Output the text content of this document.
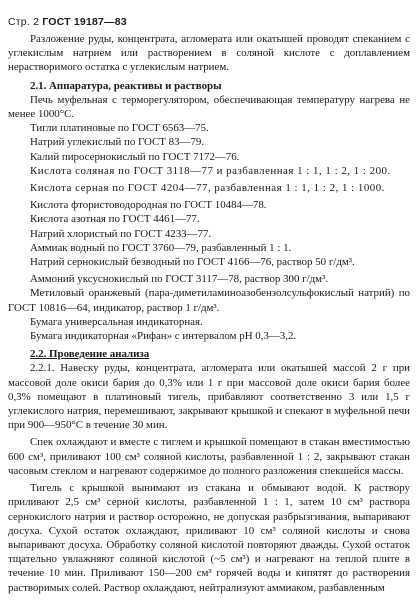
Стр. 2 ГОСТ 19187—83

Разложение руды, концентрата, агломерата или окатышей проводят спеканием с углекислым натрием или растворением в соляной кислоте с доплавлением нерастворимого остатка с углекислым натрием.

2.1. Аппаратура, реактивы и растворы

Печь муфельная с терморегулятором, обеспечивающая температуру нагрева не менее 1000°С.

Тигли платиновые по ГОСТ 6563—75.

Натрий углекислый по ГОСТ 83—79.

Калий пиросернокислый по ГОСТ 7172—76.

Кислота соляная по ГОСТ 3118—77 и разбавленная 1 : 1, 1 : 2, 1 : 200.

Кислота серная по ГОСТ 4204—77, разбавленная 1 : 1, 1 : 2, 1 : 1000.

Кислота фтористоводородная по ГОСТ 10484—78.

Кислота азотная по ГОСТ 4461—77.

Натрий хлористый по ГОСТ 4233—77.

Аммиак водный по ГОСТ 3760—79, разбавленный 1 : 1.

Натрий сернокислый безводный по ГОСТ 4166—76, раствор 50 г/дм³.

Аммоний уксуснокислый по ГОСТ 3117—78, раствор 300 г/дм³.

Метиловый оранжевый (пара-диметиламиноазобензолсульфокислый натрий) по ГОСТ 10816—64, индикатор, раствор 1 г/дм³.

Бумага универсальная индикаторная.

Бумага индикаторная «Рифан» с интервалом рН 0,3—3,2.

2.2. Проведение анализа

2.2.1. Навеску руды, концентрата, агломерата или окатышей массой 2 г при массовой доле окиси бария до 0,3% или 1 г при массовой доле окиси бария более 0,3% помещают в платиновый тигель, прибавляют соответственно 3 или 1,5 г углекислого натрия, перемешивают, закрывают крышкой и спекают в муфельной печи при 900—950°С в течение 30 мин.

Спек охлаждают и вместе с тиглем и крышкой помещают в стакан вместимостью 600 см³, приливают 100 см³ соляной кислоты, разбавленной 1 : 2, закрывают стакан часовым стеклом и нагревают содержимое до полного разложения спекшейся массы.

Тигель с крышкой вынимают из стакана и обмывают водой. К раствору приливают 2,5 см³ серной кислоты, разбавленной 1 : 1, затем 10 см³ раствора сернокислого натрия и раствор осторожно, не допуская разбрызгивания, выпаривают досуха. Сухой остаток охлаждают, приливают 10 см³ соляной кислоты и снова выпаривают досуха. Обработку соляной кислотой повторяют дважды. Сухой остаток тщательно увлажняют соляной кислотой (~5 см³) и нагревают на теплой плите в течение 10 мин. Приливают 150—200 см³ горячей воды и кипятят до растворения растворимых солей. Раствор охлаждают, нейтрализуют аммиаком, разбавленным
